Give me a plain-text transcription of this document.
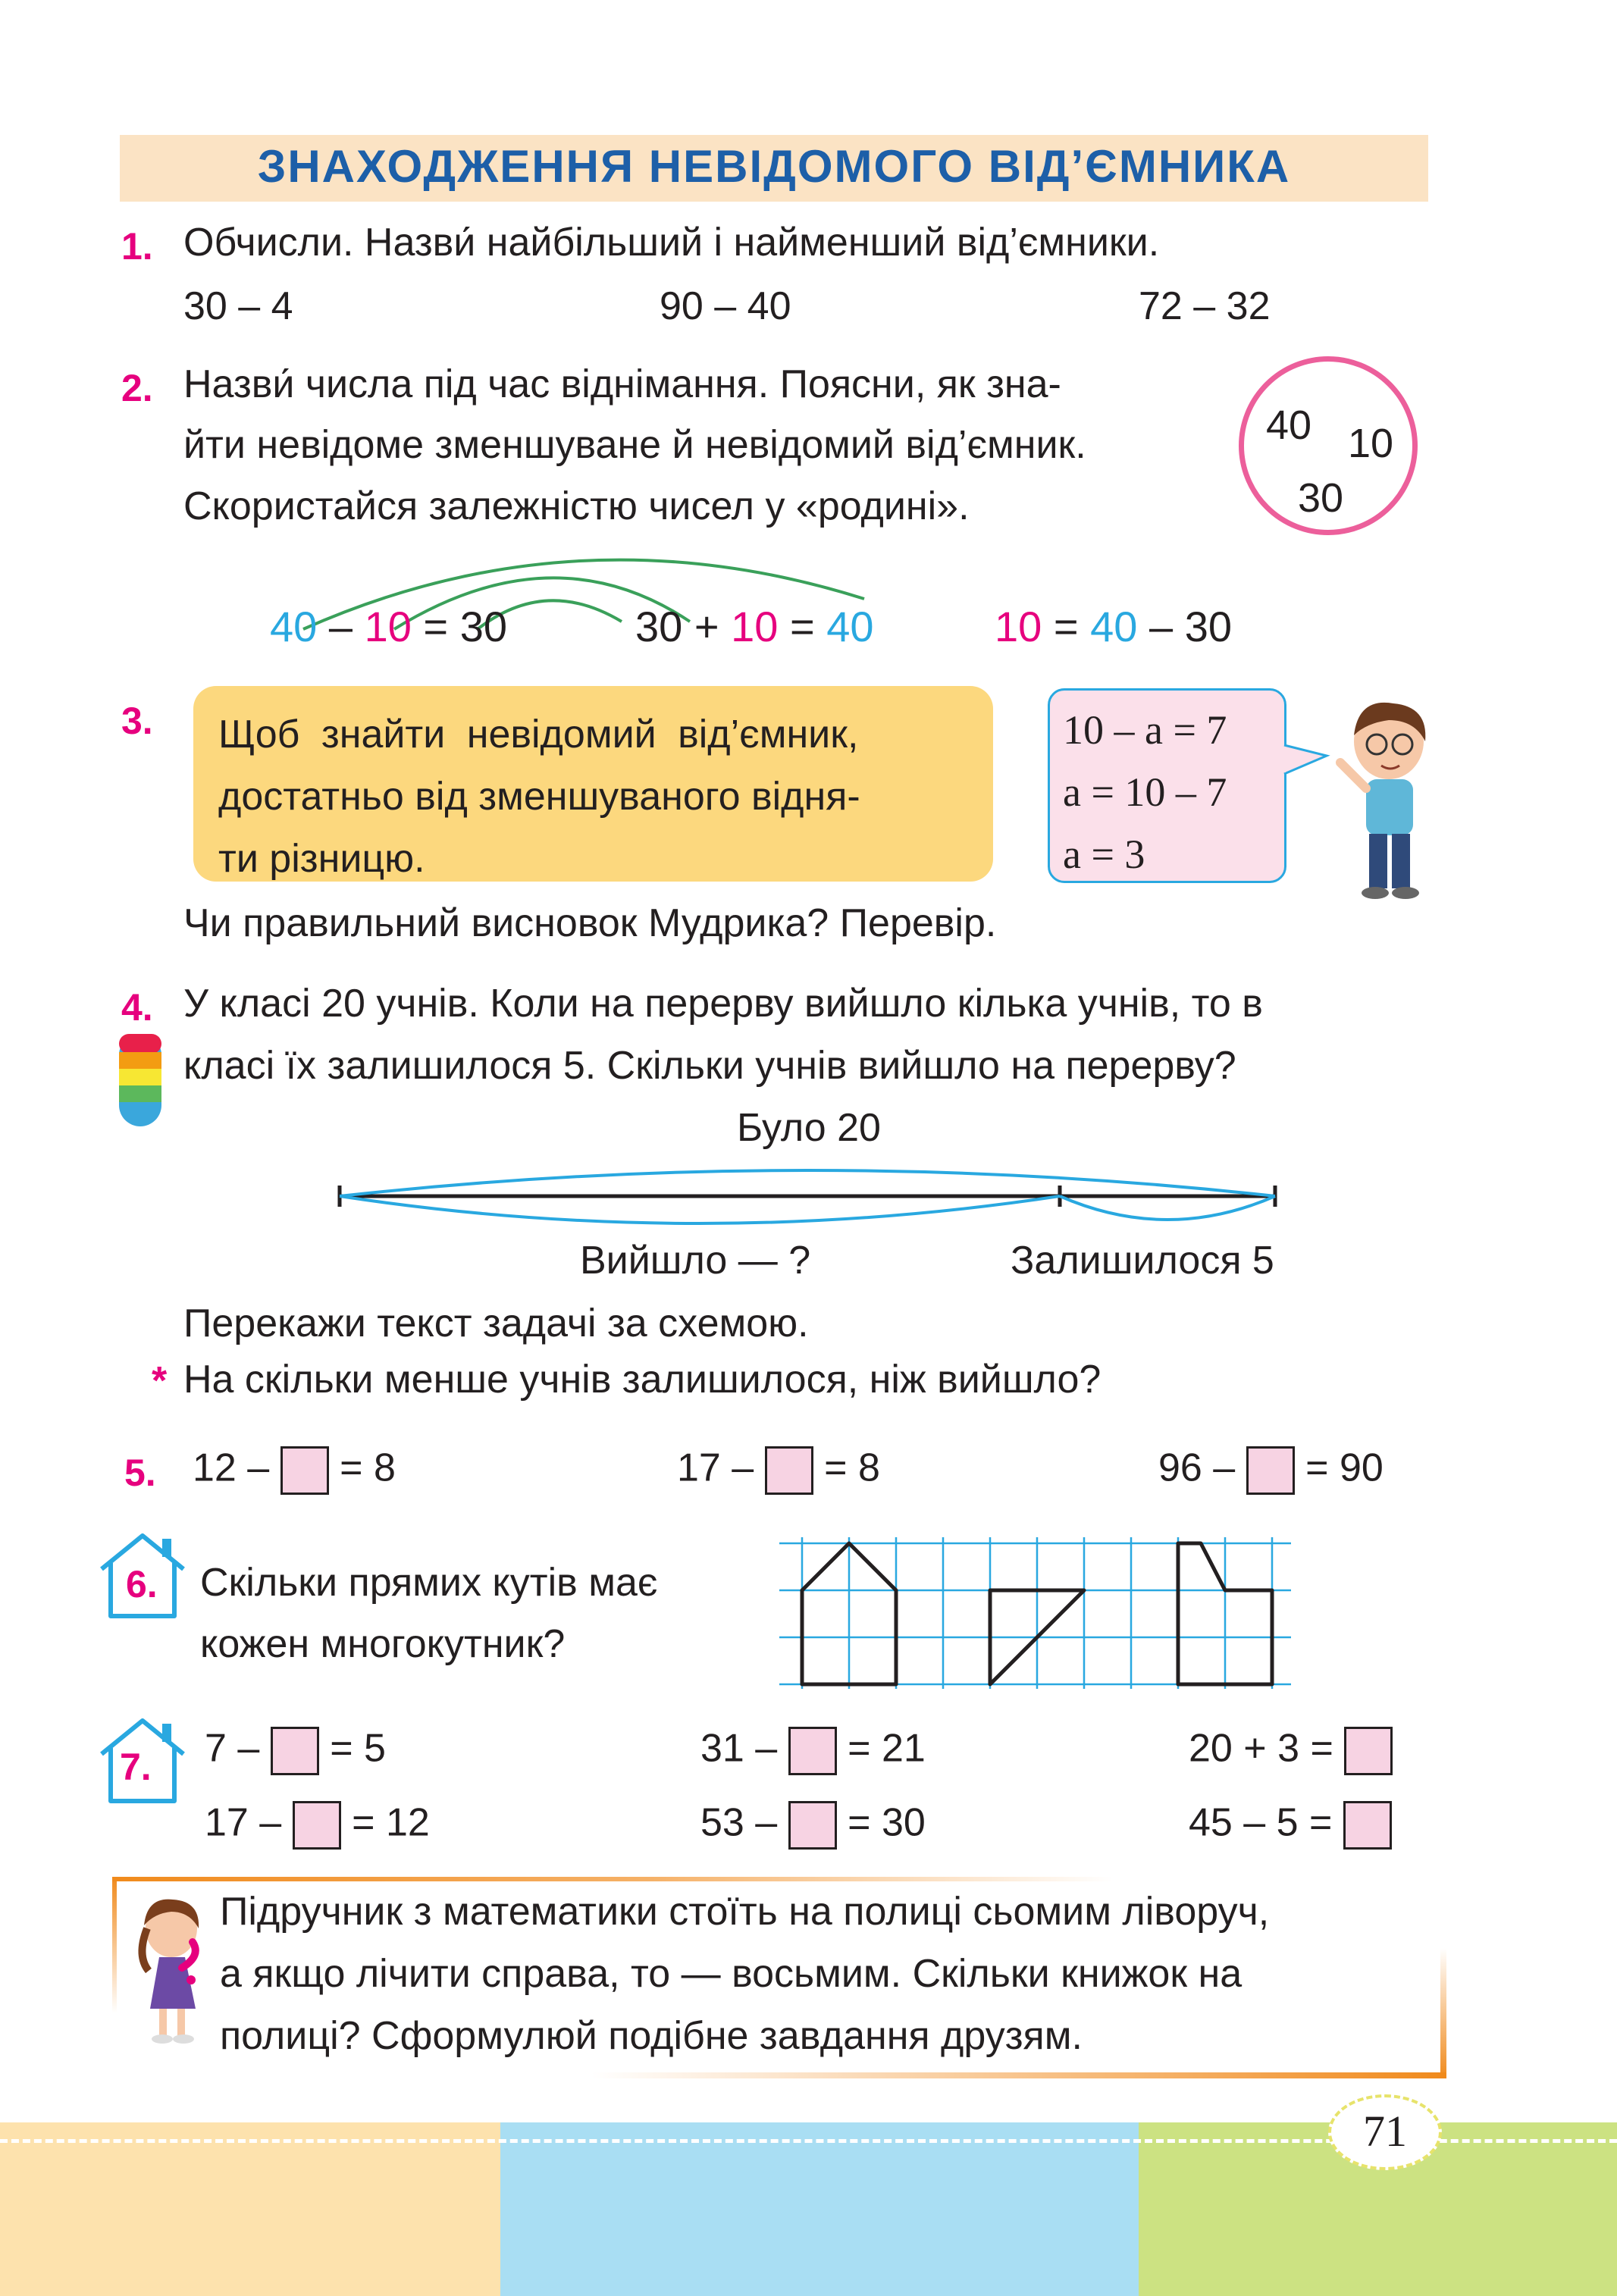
ЗНАХОДЖЕННЯ НЕВІДОМОГО ВІД’ЄМНИКА
1. Обчисли. Назви́ найбільший і найменший від’ємники.
30 – 4	90 – 40	72 – 32
2. Назви́ числа під час віднімання. Поясни, як зна-
йти невідоме зменшуване й невідомий від’ємник.
Скористайся залежністю чисел у «родині».
40 10
30
40 – 10 = 30	30 + 10 = 40	10 = 40 – 30
3. Щоб знайти невідомий від’ємник,
достатньо від зменшуваного відня-
ти різницю.
10 – a = 7
a = 10 – 7
a = 3
Чи правильний висновок Мудрика? Перевір.
4. У класі 20 учнів. Коли на перерву вийшло кілька учнів, то в
класі їх залишилося 5. Скільки учнів вийшло на перерву?
Було 20
Вийшло — ?	Залишилося 5
Перекажи текст задачі за схемою.
* На скільки менше учнів залишилося, ніж вийшло?
5. 12 – = 8	17 – = 8	96 – = 90
6. Скільки прямих кутів має
кожен многокутник?
7. 7 – = 5	31 – = 21	20 + 3 =
17 – = 12	53 – = 30	45 – 5 =
Підручник з математики стоїть на полиці сьомим ліворуч,
а якщо лічити справа, то — восьмим. Скільки книжок на
полиці? Сформулюй подібне завдання друзям.
71
